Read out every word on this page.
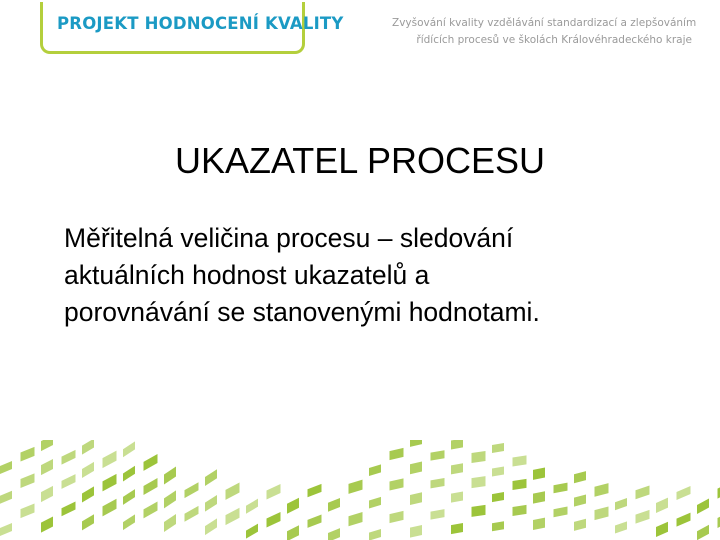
PROJEKT HODNOCENÍ KVALITY	Zvyšování kvality vzdělávání standardizací a zlepšováním
řídících procesů ve školách Královéhradeckého kraje
UKAZATEL PROCESU

Měřitelná veličina procesu – sledování
aktuálních hodnost ukazatelů a
porovnávání se stanovenými hodnotami.
